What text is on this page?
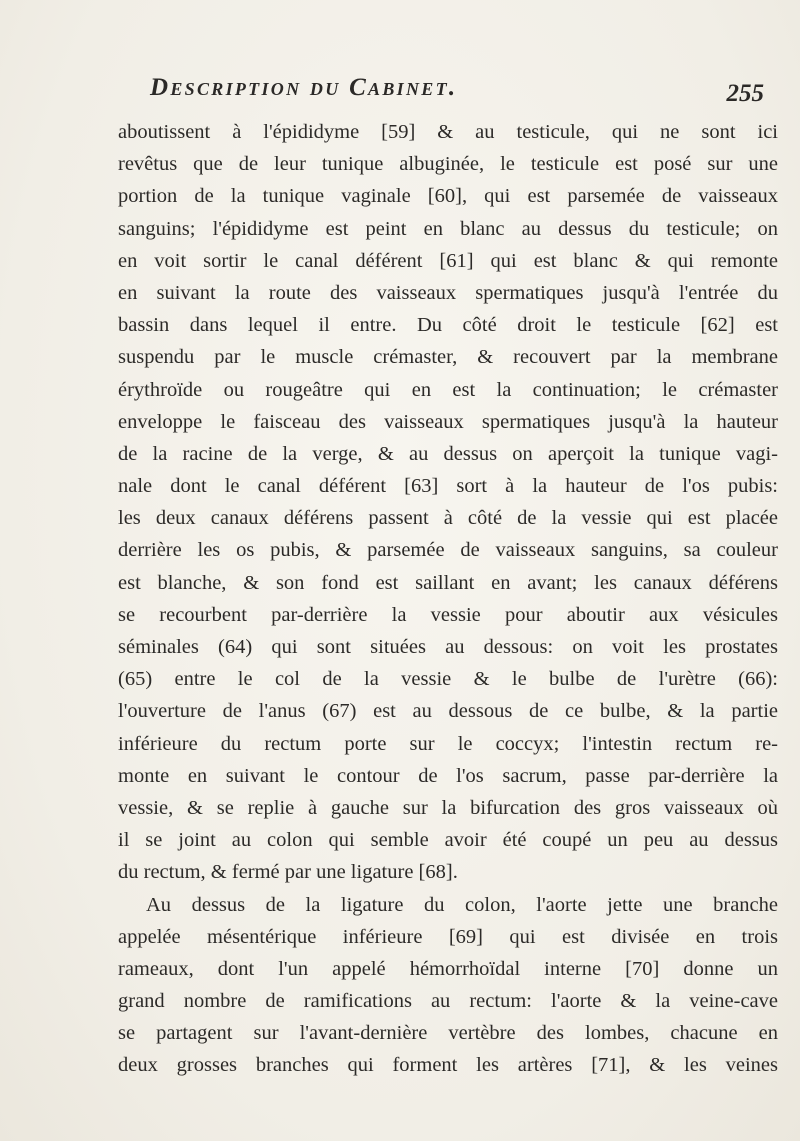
Description du Cabinet.	255
aboutissent à l'épididyme [59] & au testicule, qui ne sont ici
revêtus que de leur tunique albuginée, le testicule est posé sur une
portion de la tunique vaginale [60], qui est parsemée de vaisseaux
sanguins; l'épididyme est peint en blanc au dessus du testicule; on
en voit sortir le canal déférent [61] qui est blanc & qui remonte
en suivant la route des vaisseaux spermatiques jusqu'à l'entrée du
bassin dans lequel il entre. Du côté droit le testicule [62] est
suspendu par le muscle crémaster, & recouvert par la membrane
érythroïde ou rougeâtre qui en est la continuation; le crémaster
enveloppe le faisceau des vaisseaux spermatiques jusqu'à la hauteur
de la racine de la verge, & au dessus on aperçoit la tunique vagi-
nale dont le canal déférent [63] sort à la hauteur de l'os pubis:
les deux canaux déférens passent à côté de la vessie qui est placée
derrière les os pubis, & parsemée de vaisseaux sanguins, sa couleur
est blanche, & son fond est saillant en avant; les canaux déférens
se recourbent par-derrière la vessie pour aboutir aux vésicules
séminales (64) qui sont situées au dessous: on voit les prostates
(65) entre le col de la vessie & le bulbe de l'urètre (66):
l'ouverture de l'anus (67) est au dessous de ce bulbe, & la partie
inférieure du rectum porte sur le coccyx; l'intestin rectum re-
monte en suivant le contour de l'os sacrum, passe par-derrière la
vessie, & se replie à gauche sur la bifurcation des gros vaisseaux où
il se joint au colon qui semble avoir été coupé un peu au dessus
du rectum, & fermé par une ligature [68].
Au dessus de la ligature du colon, l'aorte jette une branche
appelée mésentérique inférieure [69] qui est divisée en trois
rameaux, dont l'un appelé hémorrhoïdal interne [70] donne un
grand nombre de ramifications au rectum: l'aorte & la veine-cave
se partagent sur l'avant-dernière vertèbre des lombes, chacune en
deux grosses branches qui forment les artères [71], & les veines
